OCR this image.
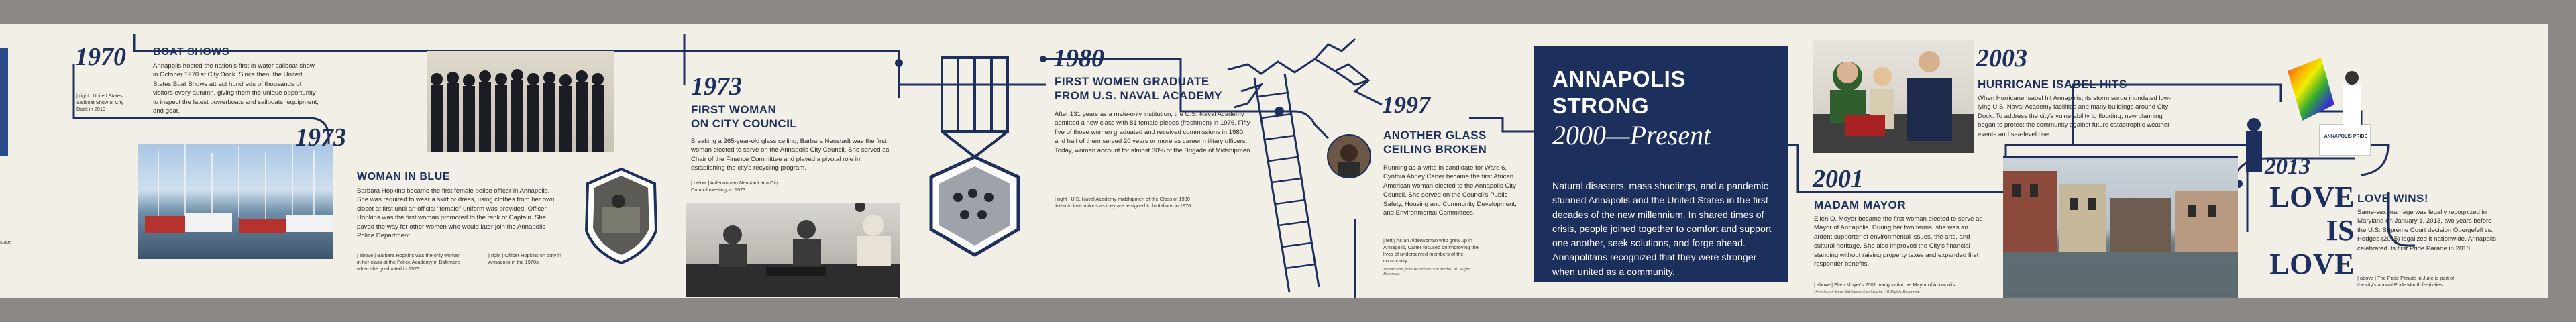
state
1970	BOAT SHOWS
Annapolis hosted the nation's first in-water sailboat show in October 1970 at City Dock. Since then, the United States Boat Shows attract hundreds of thousands of visitors every autumn, giving them the unique opportunity to inspect the latest powerboats and sailboats, equipment, and gear.
| right | United States Sailboat Show at City Dock in 2019
1973
WOMAN IN BLUE
Barbara Hopkins became the first female police officer in Annapolis. She was required to wear a skirt or dress, using clothes from her own closet at first until an official "female" uniform was provided. Officer Hopkins was the first woman promoted to the rank of Captain. She paved the way for other women who would later join the Annapolis Police Department.
| above | Barbara Hopkins was the only woman in her class at the Police Academy in Baltimore when she graduated in 1973.
| right | Officer Hopkins on duty in Annapolis in the 1970s.
1973
FIRST WOMAN
ON CITY COUNCIL
Breaking a 265-year-old glass ceiling, Barbara Neustadt was the first woman elected to serve on the Annapolis City Council. She served as Chair of the Finance Committee and played a pivotal role in establishing the city's recycling program.
| below | Alderwoman Neustadt at a City Council meeting, c. 1973.
1980
FIRST WOMEN GRADUATE
FROM U.S. NAVAL ACADEMY
After 131 years as a male-only institution, the U.S. Naval Academy admitted a new class with 81 female plebes (freshmen) in 1976. Fifty-five of those women graduated and received commissions in 1980, and half of them served 20 years or more as career military officers. Today, women account for almost 30% of the Brigade of Midshipmen.
| right | U.S. Naval Academy midshipmen of the Class of 1980 listen to instructions as they are assigned to battalions in 1976.
1997
ANOTHER GLASS
CEILING BROKEN
Running as a write-in candidate for Ward 6, Cynthia Abney Carter became the first African American woman elected to the Annapolis City Council. She served on the Council's Public Safety, Housing and Community Development, and Environmental Committees.
| left | As an Alderwoman who grew up in Annapolis, Carter focused on improving the lives of underserved members of the community.
Permission from Baltimore Sun Media. All Rights Reserved.
ANNAPOLIS
STRONG
2000—Present
Natural disasters, mass shootings, and a pandemic stunned Annapolis and the United States in the first decades of the new millennium. In shared times of crisis, people joined together to comfort and support one another, seek solutions, and forge ahead. Annapolitans recognized that they were stronger when united as a community.
2001
MADAM MAYOR
Ellen O. Moyer became the first woman elected to serve as Mayor of Annapolis. During her two terms, she was an ardent supporter of environmental issues, the arts, and cultural heritage. She also improved the City's financial standing without raising property taxes and expanded first responder benefits.
| above | Ellen Moyer's 2001 inauguration as Mayor of Annapolis.
Permission from Baltimore Sun Media. All Rights Reserved.
2003
HURRICANE ISABEL HITS
When Hurricane Isabel hit Annapolis, its storm surge inundated low-lying U.S. Naval Academy facilities and many buildings around City Dock. To address the city's vulnerability to flooding, new planning began to protect the community against future catastrophic weather events and sea-level rise.	ANNAPOLIS PRIDE
2013
LOVE
IS
LOVE
LOVE WINS!
Same-sex marriage was legally recognized in Maryland on January 1, 2013, two years before the U.S. Supreme Court decision Obergefell vs. Hodges (2015) legalized it nationwide. Annapolis celebrated its first Pride Parade in 2018.
| above | The Pride Parade in June is part of the city's annual Pride Month festivities.
